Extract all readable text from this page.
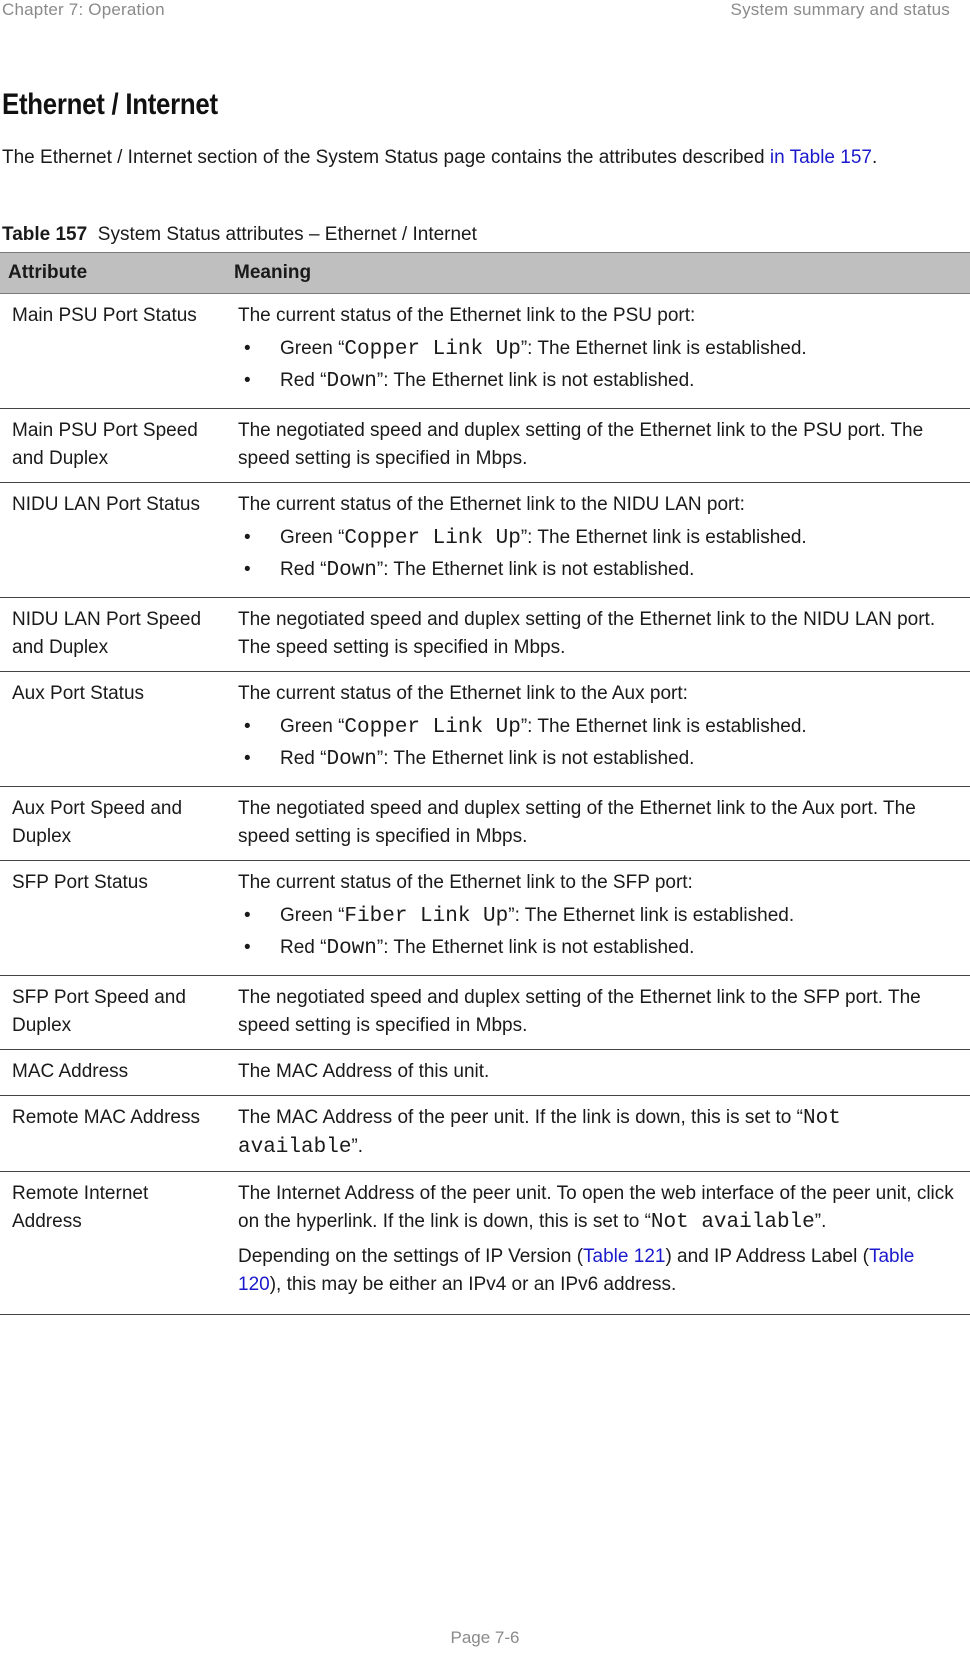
Chapter 7: Operation	System summary and status
Ethernet / Internet

The Ethernet / Internet section of the System Status page contains the attributes described in Table 157.

Table 157 System Status attributes – Ethernet / Internet

Attribute	Meaning
Main PSU Port Status	The current status of the Ethernet link to the PSU port:

• Green “Copper Link Up”: The Ethernet link is established.
• Red “Down”: The Ethernet link is not established.

Main PSU Port Speed and Duplex	The negotiated speed and duplex setting of the Ethernet link to the PSU port. The speed setting is specified in Mbps.
NIDU LAN Port Status	The current status of the Ethernet link to the NIDU LAN port:

• Green “Copper Link Up”: The Ethernet link is established.
• Red “Down”: The Ethernet link is not established.

NIDU LAN Port Speed and Duplex	The negotiated speed and duplex setting of the Ethernet link to the NIDU LAN port. The speed setting is specified in Mbps.
Aux Port Status	The current status of the Ethernet link to the Aux port:

• Green “Copper Link Up”: The Ethernet link is established.
• Red “Down”: The Ethernet link is not established.

Aux Port Speed and Duplex	The negotiated speed and duplex setting of the Ethernet link to the Aux port. The speed setting is specified in Mbps.
SFP Port Status	The current status of the Ethernet link to the SFP port:

• Green “Fiber Link Up”: The Ethernet link is established.
• Red “Down”: The Ethernet link is not established.

SFP Port Speed and Duplex	The negotiated speed and duplex setting of the Ethernet link to the SFP port. The speed setting is specified in Mbps.
MAC Address	The MAC Address of this unit.
Remote MAC Address	The MAC Address of the peer unit. If the link is down, this is set to “Not available”.
Remote Internet Address	The Internet Address of the peer unit. To open the web interface of the peer unit, click on the hyperlink. If the link is down, this is set to “Not available”.

Depending on the settings of IP Version (Table 121) and IP Address Label (Table 120), this may be either an IPv4 or an IPv6 address.

Page 7-6
